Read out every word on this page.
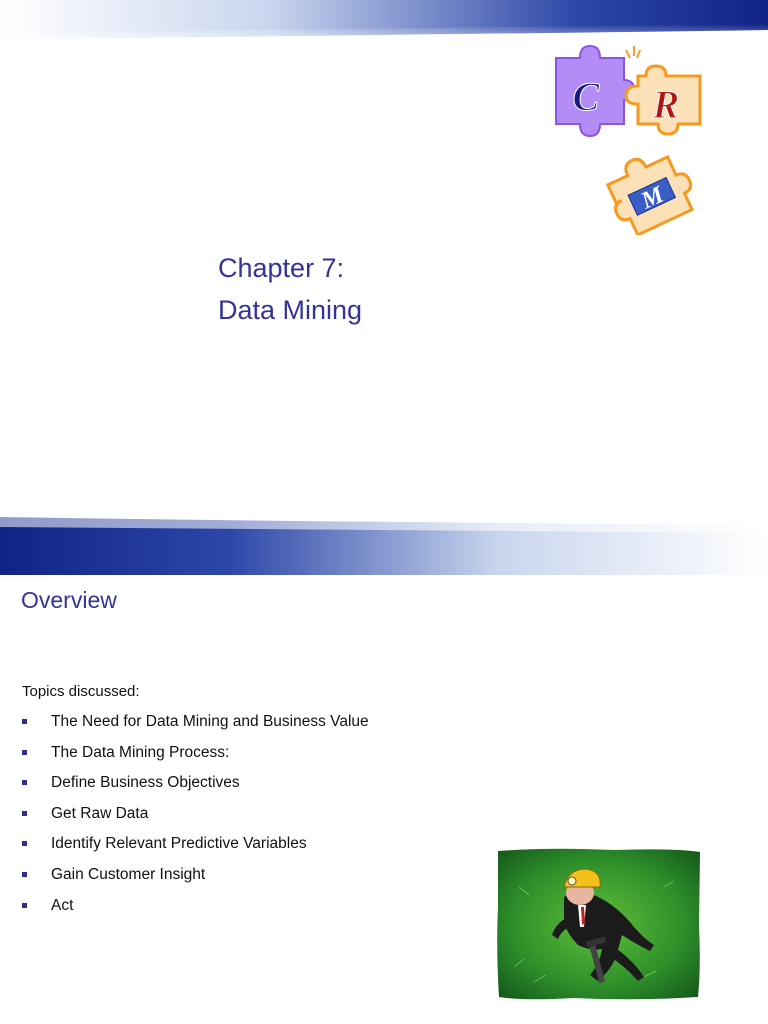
Chapter 7:
Data Mining
C R
M
Overview
Topics discussed:
The Need for Data Mining and Business Value
The Data Mining Process:
Define Business Objectives
Get Raw Data
Identify Relevant Predictive Variables
Gain Customer Insight
Act
